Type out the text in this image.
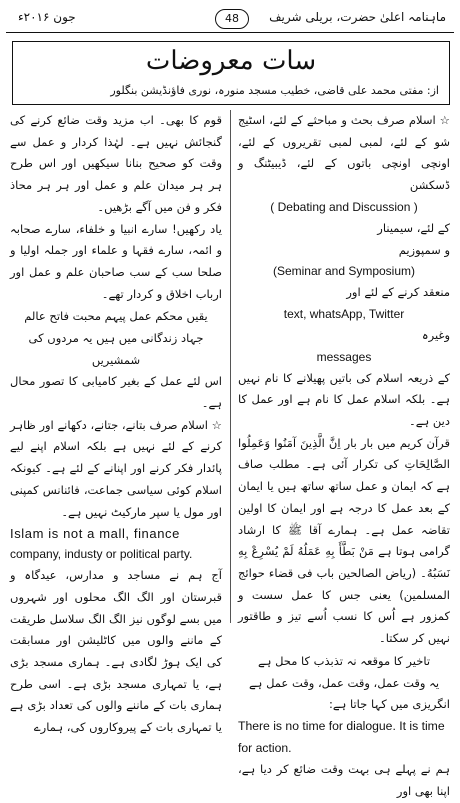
ماہنامہ اعلیٰ حضرت، بریلی شریف
48
جون ۲۰۱۶ء
سات معروضات
از: مفتی محمد علی قاضی، خطیب مسجد منورہ، نوری فاؤنڈیشن بنگلور

☆ اسلام صرف بحث و مباحثے کے لئے، اسٹیج شو کے لئے، لمبی لمبی تقریروں کے لئے، اونچی اونچی باتوں کے لئے، ڈیبیٹنگ و ڈسکشن

( Debating and Discussion )

کے لئے، سیمینار

و سمپوزیم

(Seminar and Symposium)

منعقد کرنے کے لئے اور

text, whatsApp, Twitter

وغیرہ

messages

کے ذریعہ اسلام کی باتیں پھیلانے کا نام نہیں ہے۔ بلکہ اسلام عمل کا نام ہے اور عمل کا دین ہے۔

قرآن کریم میں بار بار اِنَّ الَّذِينَ آمَنُوا وَعَمِلُوا الصَّالِحَاتِ کی تکرار آئی ہے۔ مطلب صاف ہے کہ ایمان و عمل ساتھ ساتھ ہیں یا ایمان کے بعد عمل کا درجہ ہے اور ایمان کا اولین تقاضہ عمل ہے۔ ہمارے آقا ﷺ کا ارشاد گرامی ہوتا ہے مَنْ بَطَّأَ بِهِ عَمَلُهُ لَمْ يُسْرِعْ بِهِ نَسَبُهُ۔ (ریاض الصالحین باب فی قضاء حوائج المسلمین) یعنی جس کا عمل سست و کمزور ہے اُس کا نسب اُسے تیز و طاقتور نہیں کر سکتا۔

تاخیر کا موقعہ نہ تذبذب کا محل ہے

یہ وقت عمل، وقت عمل، وقت عمل ہے

انگریزی میں کہا جاتا ہے:

There is no time for dialogue. It is time for action.

ہم نے پہلے ہی بہت وقت ضائع کر دیا ہے، اپنا بھی اور

قوم کا بھی۔ اب مزید وقت ضائع کرنے کی گنجائش نہیں ہے۔ لہٰذا کردار و عمل سے وقت کو صحیح بنانا سیکھیں اور اس طرح ہر ہر میدان علم و عمل اور ہر ہر محاذ فکر و فن میں آگے بڑھیں۔

یاد رکھیں! سارے انبیا و خلفاء، سارے صحابہ و ائمہ، سارے فقہا و علماء اور جملہ اولیا و صلحا سب کے سب صاحبان علم و عمل اور ارباب اخلاق و کردار تھے۔

یقیں محکم عمل پیہم محبت فاتح عالم

جہاد زندگانی میں ہیں یہ مردوں کی شمشیریں

اس لئے عمل کے بغیر کامیابی کا تصور محال ہے۔

☆ اسلام صرف بتانے، جتانے، دکھانے اور ظاہر کرنے کے لئے نہیں ہے بلکہ اسلام اپنے لیے پائدار فکر کرنے اور اپنانے کے لئے ہے۔ کیونکہ اسلام کوئی سیاسی جماعت، فائنانس کمپنی اور مول یا سپر مارکیٹ نہیں ہے۔

Islam is not a mall, finance

company, industy or political party.

آج ہم نے مساجد و مدارس، عیدگاہ و قبرستان اور الگ الگ محلوں اور شہروں میں بسے لوگوں نیز الگ الگ سلاسل طریقت کے ماننے والوں میں کاٹلیشن اور مسابقت کی ایک ہوڑ لگادی ہے۔ ہماری مسجد بڑی ہے، یا تمہاری مسجد بڑی ہے۔ اسی طرح ہماری بات کے ماننے والوں کی تعداد بڑی ہے یا تمہاری بات کے پیروکاروں کی، ہمارے
